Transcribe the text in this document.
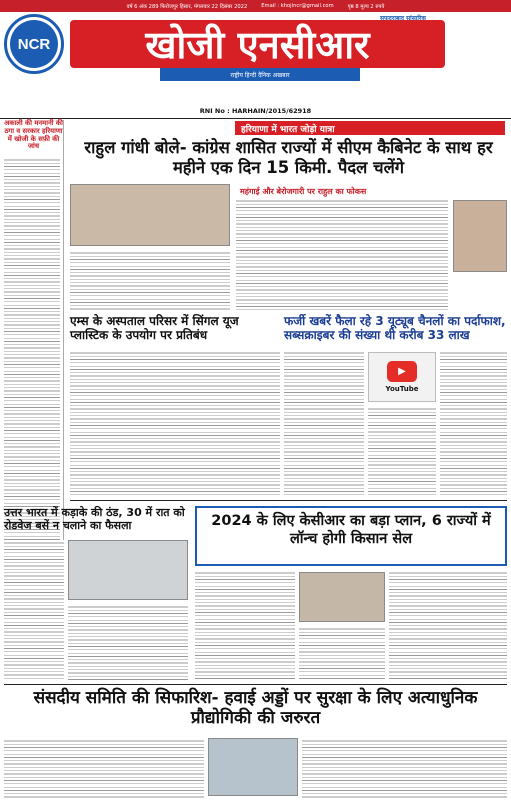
वर्ष 6 अंक 289 फिरोजपुर हिसार, मंगलवार 22 दिसंबर 2022	Email : khojincr@gmail.com	पृष्ठ 8 मूल्य 2 रुपये
NCR	खोजी एनसीआर
सफदराबाद सांसारिक
राष्ट्रीय हिन्दी दैनिक अखबार
RNI No : HARHAIN/2015/62918
अकाली की मनमानी की ठगा व सरकार हरियाणा में खोजी के सफ़ी की जांच
हरियाणा में भारत जोड़ो यात्रा
राहुल गांधी बोले- कांग्रेस शासित राज्यों में सीएम कैबिनेट के साथ हर महीने एक दिन 15 किमी. पैदल चलेंगे
महंगाई और बेरोजगारी पर राहुल का फोकस
एम्स के अस्पताल परिसर में सिंगल यूज प्लास्टिक के उपयोग पर प्रतिबंध
फर्जी खबरें फैला रहे 3 यूट्यूब चैनलों का पर्दाफाश, सब्सक्राइबर की संख्या थी करीब 33 लाख
▶
YouTube
उत्तर भारत में कड़ाके की ठंड, 30 में रात को रोडवेज बसें न चलाने का फैसला	2024 के लिए केसीआर का बड़ा प्लान, 6 राज्यों में लॉन्च होगी किसान सेल
संसदीय समिति की सिफारिश- हवाई अड्डों पर सुरक्षा के लिए अत्याधुनिक प्रौद्योगिकी की जरुरत
